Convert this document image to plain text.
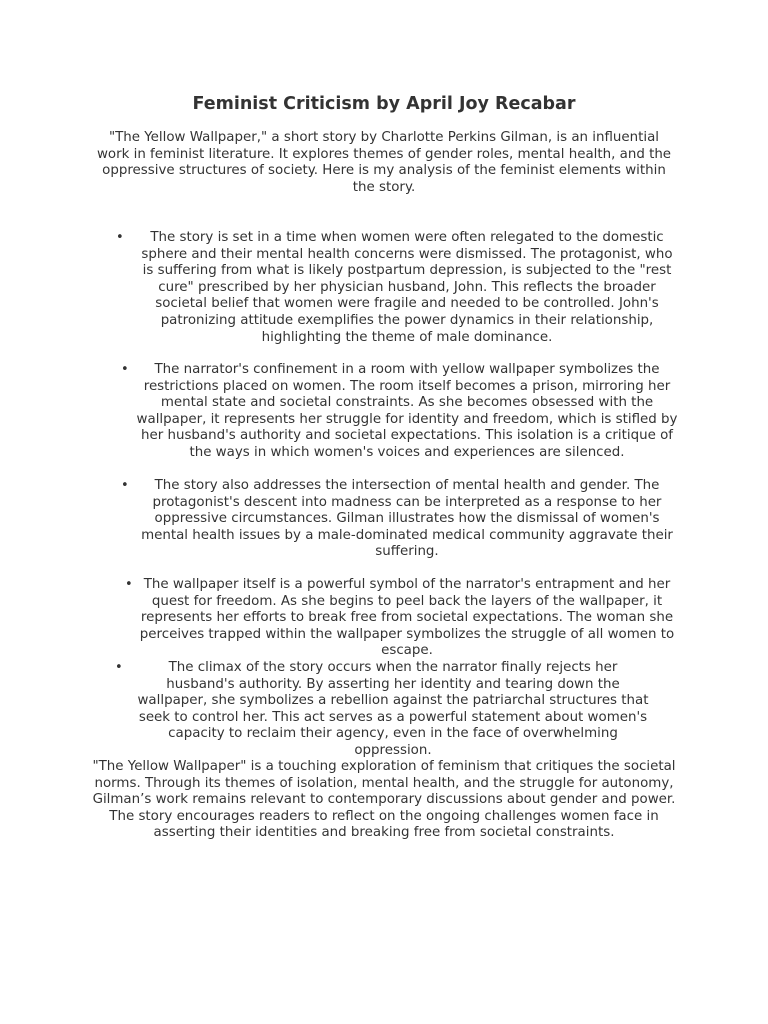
Feminist Criticism by April Joy Recabar

"The Yellow Wallpaper," a short story by Charlotte Perkins Gilman, is an influential work in feminist literature. It explores themes of gender roles, mental health, and the oppressive structures of society. Here is my analysis of the feminist elements within the story.

•	The story is set in a time when women were often relegated to the domestic sphere and their mental health concerns were dismissed. The protagonist, who is suffering from what is likely postpartum depression, is subjected to the "rest cure" prescribed by her physician husband, John. This reflects the broader societal belief that women were fragile and needed to be controlled. John's patronizing attitude exemplifies the power dynamics in their relationship, highlighting the theme of male dominance.

•	The narrator's confinement in a room with yellow wallpaper symbolizes the restrictions placed on women. The room itself becomes a prison, mirroring her mental state and societal constraints. As she becomes obsessed with the wallpaper, it represents her struggle for identity and freedom, which is stifled by her husband's authority and societal expectations. This isolation is a critique of the ways in which women's voices and experiences are silenced.

•	The story also addresses the intersection of mental health and gender. The protagonist's descent into madness can be interpreted as a response to her oppressive circumstances. Gilman illustrates how the dismissal of women's mental health issues by a male-dominated medical community aggravate their suffering.

• The wallpaper itself is a powerful symbol of the narrator's entrapment and her quest for freedom. As she begins to peel back the layers of the wallpaper, it represents her efforts to break free from societal expectations. The woman she perceives trapped within the wallpaper symbolizes the struggle of all women to escape.

•	The climax of the story occurs when the narrator finally rejects her husband's authority. By asserting her identity and tearing down the wallpaper, she symbolizes a rebellion against the patriarchal structures that seek to control her. This act serves as a powerful statement about women's capacity to reclaim their agency, even in the face of overwhelming oppression.

"The Yellow Wallpaper" is a touching exploration of feminism that critiques the societal norms. Through its themes of isolation, mental health, and the struggle for autonomy, Gilman’s work remains relevant to contemporary discussions about gender and power. The story encourages readers to reflect on the ongoing challenges women face in asserting their identities and breaking free from societal constraints.
